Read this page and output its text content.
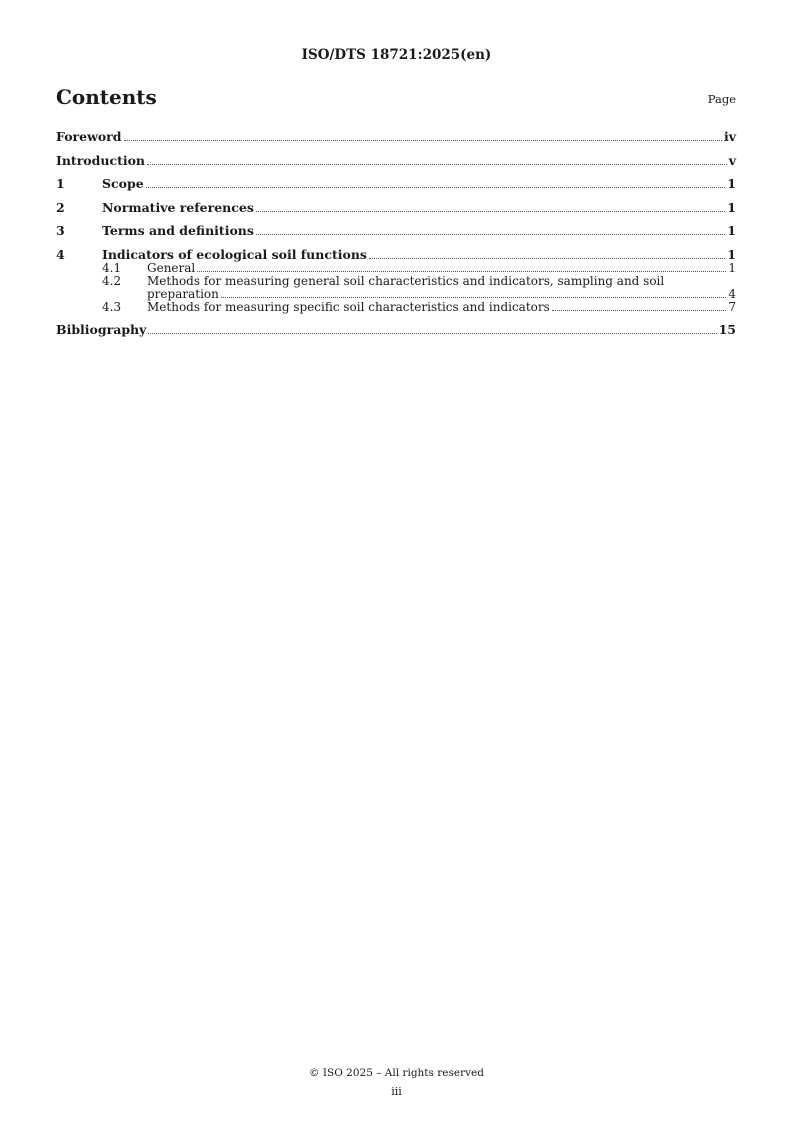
ISO/DTS 18721:2025(en)
Contents	Page
Foreword	iv
Introduction	v
1	Scope	1
2	Normative references	1
3	Terms and definitions	1
4	Indicators of ecological soil functions	1
4.1	General	1
4.2	Methods for measuring general soil characteristics and indicators, sampling and soil
preparation	4
4.3	Methods for measuring specific soil characteristics and indicators	7
Bibliography	15
© ISO 2025 – All rights reserved
iii
